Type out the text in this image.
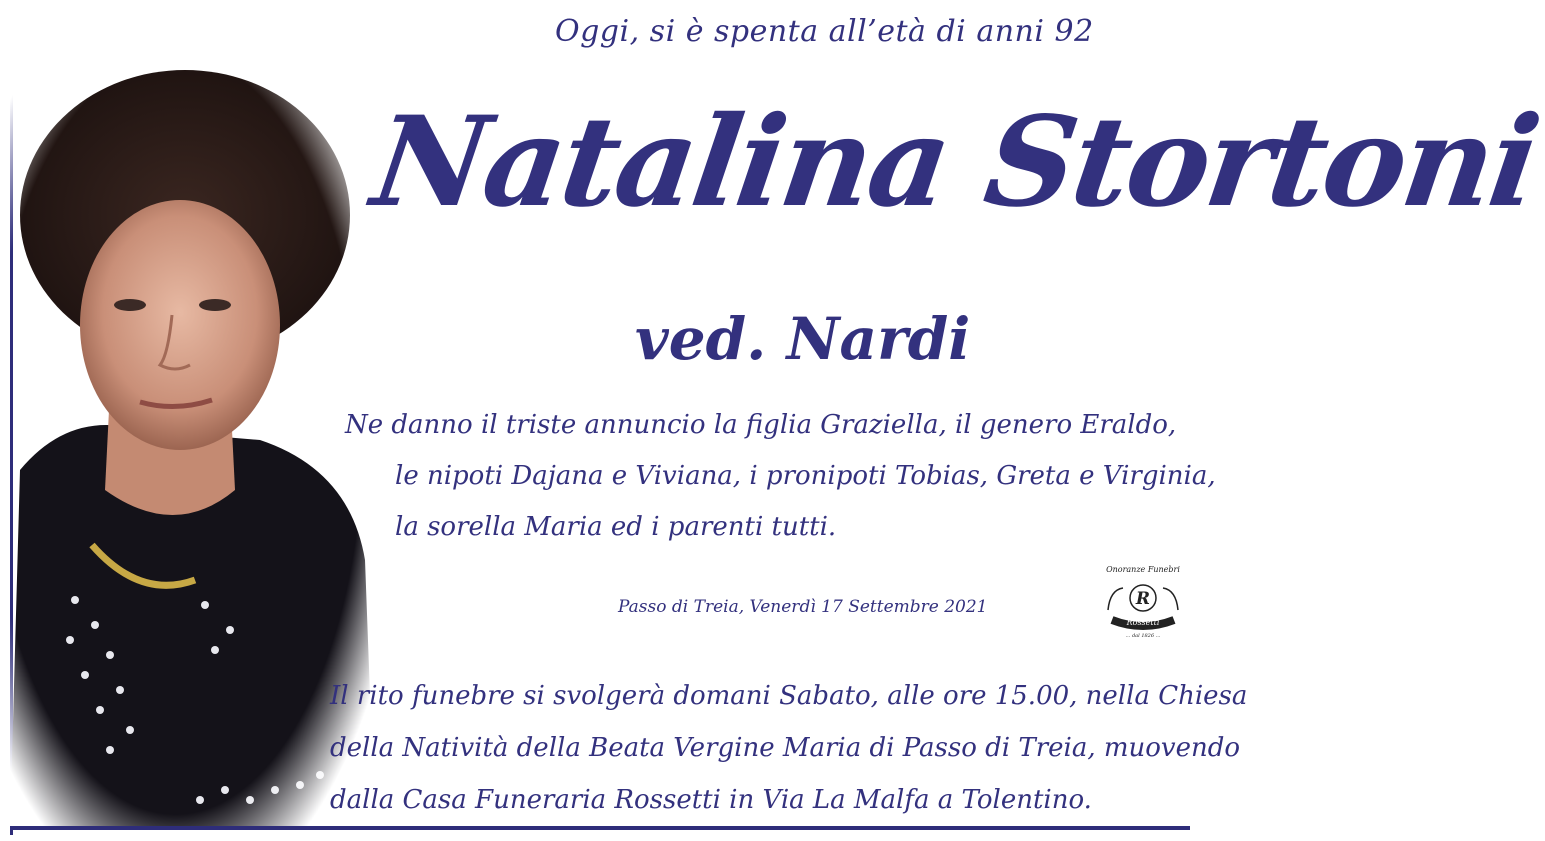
Oggi, si è spenta all’età di anni 92
Natalina Stortoni
ved. Nardi
Ne danno il triste annuncio la figlia Graziella, il genero Eraldo,
le nipoti Dajana e Viviana, i pronipoti Tobias, Greta e Virginia,
la sorella Maria ed i parenti tutti.
Passo di Treia, Venerdì 17 Settembre 2021
Onoranze Funebri
R
Rossetti
... dal 1826 ...
Il rito funebre si svolgerà domani Sabato, alle ore 15.00, nella Chiesa
della Natività della Beata Vergine Maria di Passo di Treia, muovendo
dalla Casa Funeraria Rossetti in Via La Malfa a Tolentino.
